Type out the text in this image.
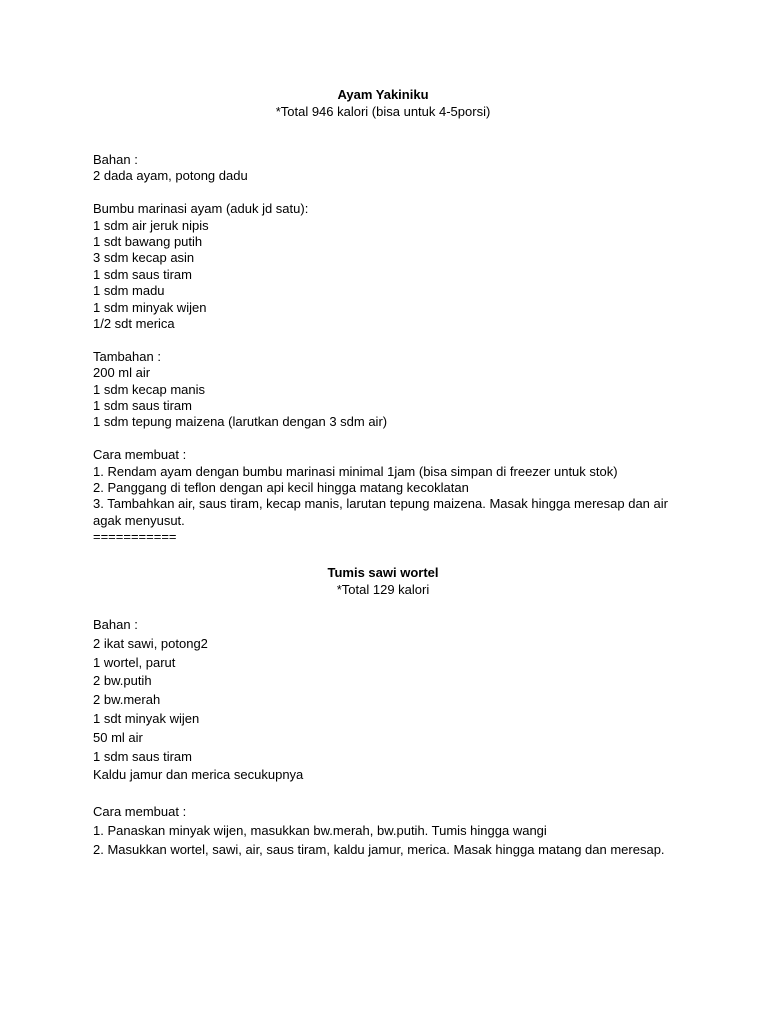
Ayam Yakiniku

*Total 946 kalori (bisa untuk 4-5porsi)

Bahan :

2 dada ayam, potong dadu

Bumbu marinasi ayam (aduk jd satu):

1 sdm air jeruk nipis

1 sdt bawang putih

3 sdm kecap asin

1 sdm saus tiram

1 sdm madu

1 sdm minyak wijen

1/2 sdt merica

Tambahan :

200 ml air

1 sdm kecap manis

1 sdm saus tiram

1 sdm tepung maizena (larutkan dengan 3 sdm air)

Cara membuat :

1. Rendam ayam dengan bumbu marinasi minimal 1jam (bisa simpan di freezer untuk stok)

2. Panggang di teflon dengan api kecil hingga matang kecoklatan

3. Tambahkan air, saus tiram, kecap manis, larutan tepung maizena. Masak hingga meresap dan air agak menyusut.

===========

Tumis sawi wortel

*Total 129 kalori

Bahan :

2 ikat sawi, potong2

1 wortel, parut

2 bw.putih

2 bw.merah

1 sdt minyak wijen

50 ml air

1 sdm saus tiram

Kaldu jamur dan merica secukupnya

Cara membuat :

1. Panaskan minyak wijen, masukkan bw.merah, bw.putih. Tumis hingga wangi

2. Masukkan wortel, sawi, air, saus tiram, kaldu jamur, merica. Masak hingga matang dan meresap.
